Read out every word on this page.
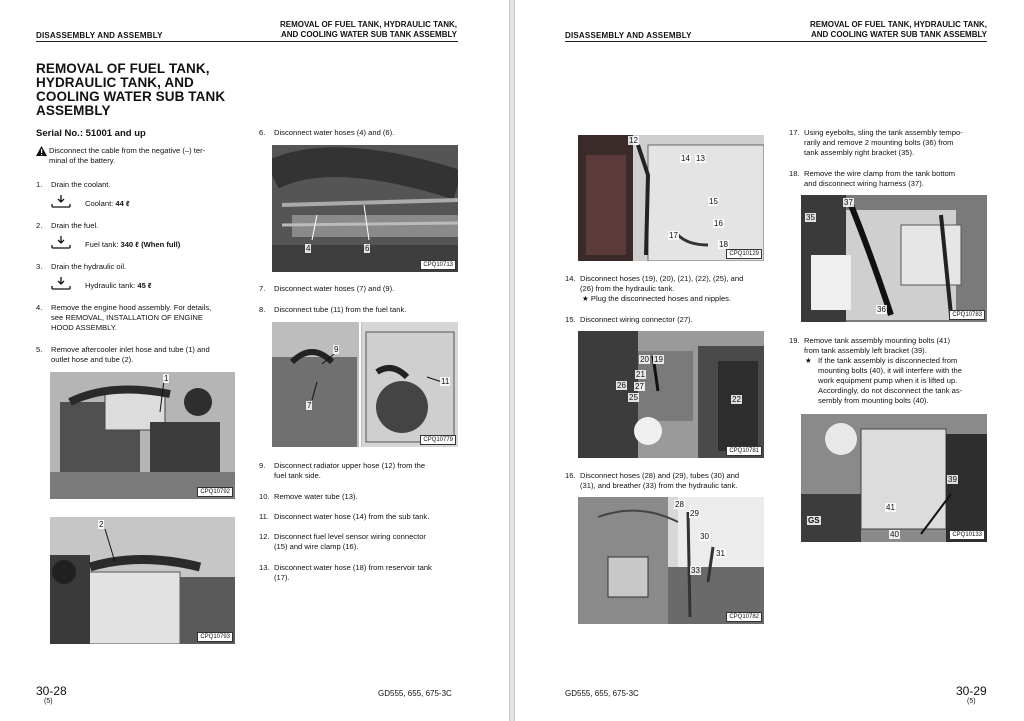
DISASSEMBLY AND ASSEMBLY
REMOVAL OF FUEL TANK, HYDRAULIC TANK,
AND COOLING WATER SUB TANK ASSEMBLY
REMOVAL OF FUEL TANK,
HYDRAULIC TANK, AND
COOLING WATER SUB TANK
ASSEMBLY
Serial No.: 51001 and up
Disconnect the cable from the negative (–) ter-
minal of the battery.
1. Drain the coolant.
Coolant: 44 ℓ
2. Drain the fuel.
Fuel tank: 340 ℓ (When full)
3. Drain the hydraulic oil.
Hydraulic tank: 45 ℓ
4. Remove the engine hood assembly. For details,
see REMOVAL, INSTALLATION OF ENGINE
HOOD ASSEMBLY.
5. Remove aftercooler inlet hose and tube (1) and
outlet hose and tube (2).
1
CPQ10792
2
CPQ10793
6.	Disconnect water hoses (4) and (6).
4	6
CPQ10713
7.	Disconnect water hoses (7) and (9).
8.	Disconnect tube (11) from the fuel tank.
9
7
11
CPQ10779
9. Disconnect radiator upper hose (12) from the
fuel tank side.
10. Remove water tube (13).
11. Disconnect water hose (14) from the sub tank.
12. Disconnect fuel level sensor wiring connector
(15) and wire clamp (16).
13. Disconnect water hose (18) from reservoir tank
(17).
30-28
(5)
GD555, 655, 675-3C
DISASSEMBLY AND ASSEMBLY
REMOVAL OF FUEL TANK, HYDRAULIC TANK,
AND COOLING WATER SUB TANK ASSEMBLY
12
14 13
15
16
17
18
CPQ10129
14. Disconnect hoses (19), (20), (21), (22), (25), and
(26) from the hydraulic tank.
★ Plug the disconnected hoses and nipples.
15. Disconnect wiring connector (27).
20 19
21
26 27
25	22
CPQ10781
16. Disconnect hoses (28) and (29), tubes (30) and
(31), and breather (33) from the hydraulic tank.
28
29
30
31
33
CPQ10782
17. Using eyebolts, sling the tank assembly tempo-
rarily and remove 2 mounting bolts (36) from
tank assembly right bracket (35).
18. Remove the wire clamp from the tank bottom
and disconnect wiring harness (37).
37
35
36
CPQ10783
19. Remove tank assembly mounting bolts (41)
from tank assembly left bracket (39).
★ If the tank assembly is disconnected from
mounting bolts (40), it will interfere with the
work equipment pump when it is lifted up.
Accordingly, do not disconnect the tank as-
sembly from mounting bolts (40).
GS
41
39
40	CPQ10133
GD555, 655, 675-3C	30-29
(5)
